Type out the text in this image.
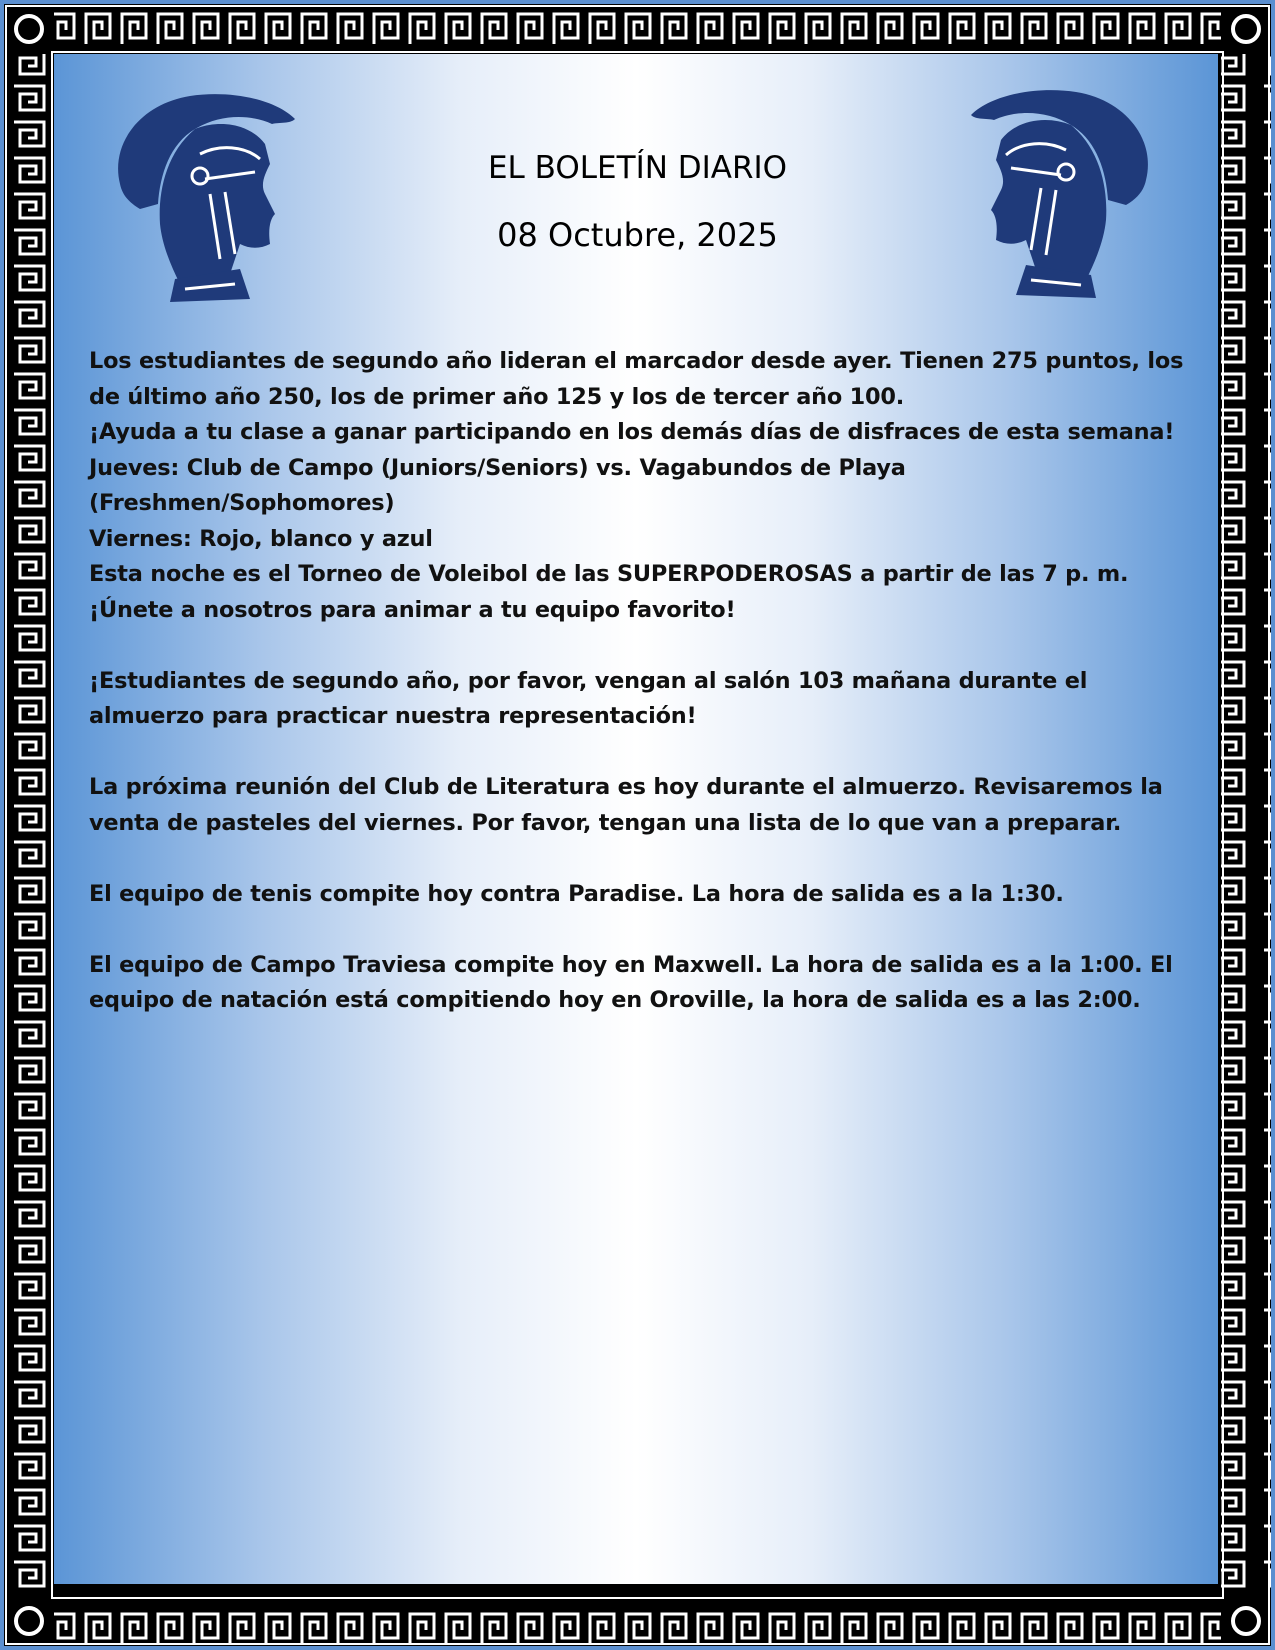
EL BOLETÍN DIARIO
08 Octubre, 2025

Los estudiantes de segundo año lideran el marcador desde ayer. Tienen 275 puntos, los de último año 250, los de primer año 125 y los de tercer año 100.

¡Ayuda a tu clase a ganar participando en los demás días de disfraces de esta semana!

Jueves: Club de Campo (Juniors/Seniors) vs. Vagabundos de Playa (Freshmen/Sophomores)

Viernes: Rojo, blanco y azul

Esta noche es el Torneo de Voleibol de las SUPERPODEROSAS a partir de las 7 p. m. ¡Únete a nosotros para animar a tu equipo favorito!

¡Estudiantes de segundo año, por favor, vengan al salón 103 mañana durante el almuerzo para practicar nuestra representación!

La próxima reunión del Club de Literatura es hoy durante el almuerzo. Revisaremos la venta de pasteles del viernes. Por favor, tengan una lista de lo que van a preparar.

El equipo de tenis compite hoy contra Paradise. La hora de salida es a la 1:30.

El equipo de Campo Traviesa compite hoy en Maxwell. La hora de salida es a la 1:00. El equipo de natación está compitiendo hoy en Oroville, la hora de salida es a las 2:00.
